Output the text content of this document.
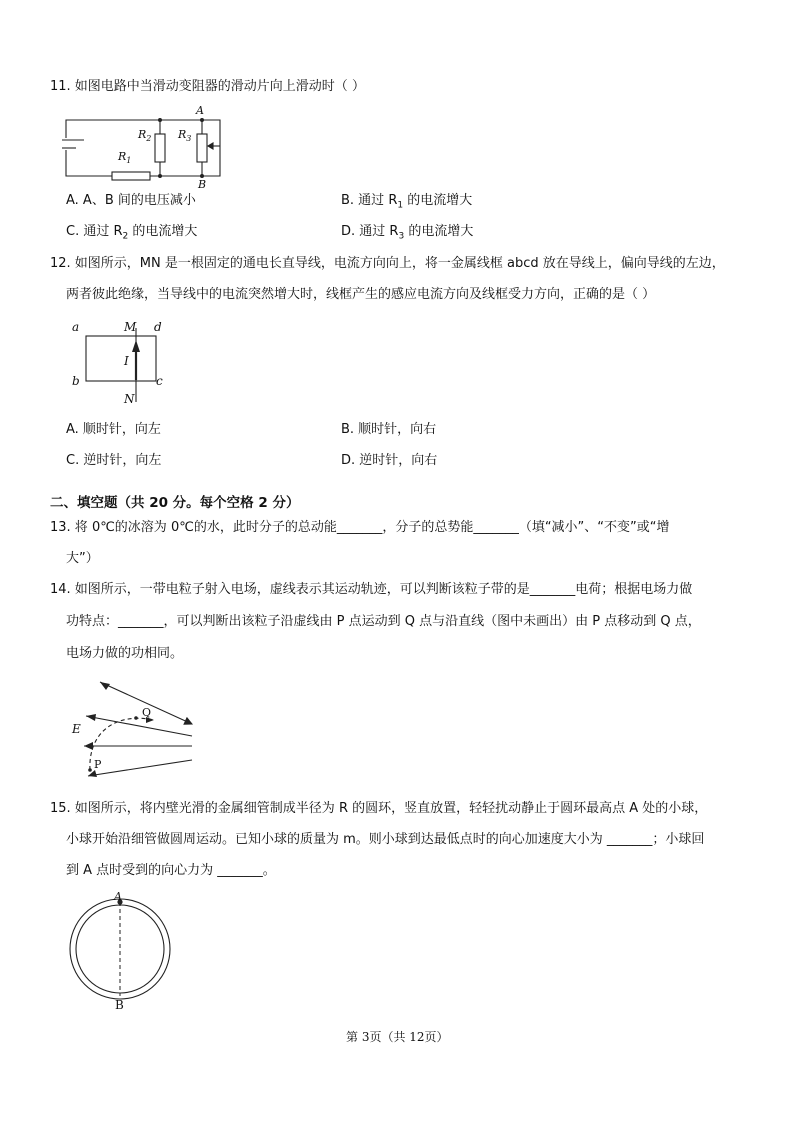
11. 如图电路中当滑动变阻器的滑动片向上滑动时（ ）
A
B
$R_2$ $R_3$
$R_1$
A. A、B 间的电压减小	B. 通过 $R_1$ 的电流增大
C. 通过 $R_2$ 的电流增大	D. 通过 $R_3$ 的电流增大
12. 如图所示，MN 是一根固定的通电长直导线，电流方向向上，将一金属线框 abcd 放在导线上，偏向导线的左边，
两者彼此绝缘，当导线中的电流突然增大时，线框产生的感应电流方向及线框受力方向，正确的是（ ）
a
b	c
d
M
N
I
A. 顺时针，向左	B. 顺时针，向右
C. 逆时针，向左	D. 逆时针，向右
二、填空题（共 20 分。每个空格 2 分）
13. 将 0℃的冰溶为 0℃的水，此时分子的总动能_______，分子的总势能_______（填“减小”、“不变”或“增
大”）
14. 如图所示，一带电粒子射入电场，虚线表示其运动轨迹，可以判断该粒子带的是_______电荷；根据电场力做
功特点：_______，可以判断出该粒子沿虚线由 P 点运动到 Q 点与沿直线（图中未画出）由 P 点移动到 Q 点，
电场力做的功相同。
E
P
Q
15. 如图所示，将内壁光滑的金属细管制成半径为 R 的圆环，竖直放置，轻轻扰动静止于圆环最高点 A 处的小球，
小球开始沿细管做圆周运动。已知小球的质量为 m。则小球到达最低点时的向心加速度大小为 _______；小球回
到 A 点时受到的向心力为 _______。
A
B
第 3页（共 12页）
